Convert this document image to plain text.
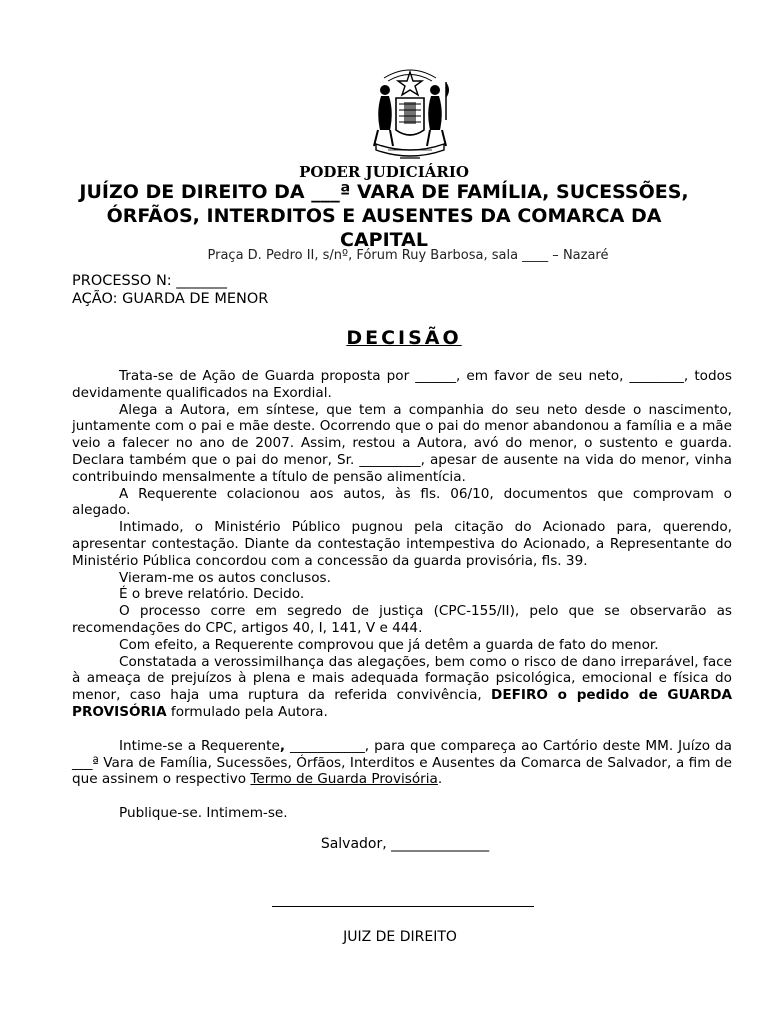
PODER JUDICIÁRIO
JUÍZO DE DIREITO DA ___ª VARA DE FAMÍLIA, SUCESSÕES,
ÓRFÃOS, INTERDITOS E AUSENTES DA COMARCA DA
CAPITAL
Praça D. Pedro II, s/nº, Fórum Ruy Barbosa, sala ____ – Nazaré
PROCESSO N: _______
AÇÃO: GUARDA DE MENOR
DECISÃO

Trata-se de Ação de Guarda proposta por ______, em favor de seu neto, ________, todos devidamente qualificados na Exordial.

Alega a Autora, em síntese, que tem a companhia do seu neto desde o nascimento, juntamente com o pai e mãe deste. Ocorrendo que o pai do menor abandonou a família e a mãe veio a falecer no ano de 2007. Assim, restou a Autora, avó do menor, o sustento e guarda. Declara também que o pai do menor, Sr. _________, apesar de ausente na vida do menor, vinha contribuindo mensalmente a título de pensão alimentícia.

A Requerente colacionou aos autos, às fls. 06/10, documentos que comprovam o alegado.

Intimado, o Ministério Público pugnou pela citação do Acionado para, querendo, apresentar contestação. Diante da contestação intempestiva do Acionado, a Representante do Ministério Pública concordou com a concessão da guarda provisória, fls. 39.

Vieram-me os autos conclusos.

É o breve relatório. Decido.

O processo corre em segredo de justiça (CPC-155/II), pelo que se observarão as recomendações do CPC, artigos 40, I, 141, V e 444.

Com efeito, a Requerente comprovou que já detêm a guarda de fato do menor.

Constatada a verossimilhança das alegações, bem como o risco de dano irreparável, face à ameaça de prejuízos à plena e mais adequada formação psicológica, emocional e física do menor, caso haja uma ruptura da referida convivência, DEFIRO o pedido de GUARDA PROVISÓRIA formulado pela Autora.

Intime-se a Requerente, ___________, para que compareça ao Cartório deste MM. Juízo da ___ª Vara de Família, Sucessões, Órfãos, Interditos e Ausentes da Comarca de Salvador, a fim de que assinem o respectivo Termo de Guarda Provisória.

Publique-se. Intimem-se.

Salvador, ______________
JUIZ DE DIREITO
